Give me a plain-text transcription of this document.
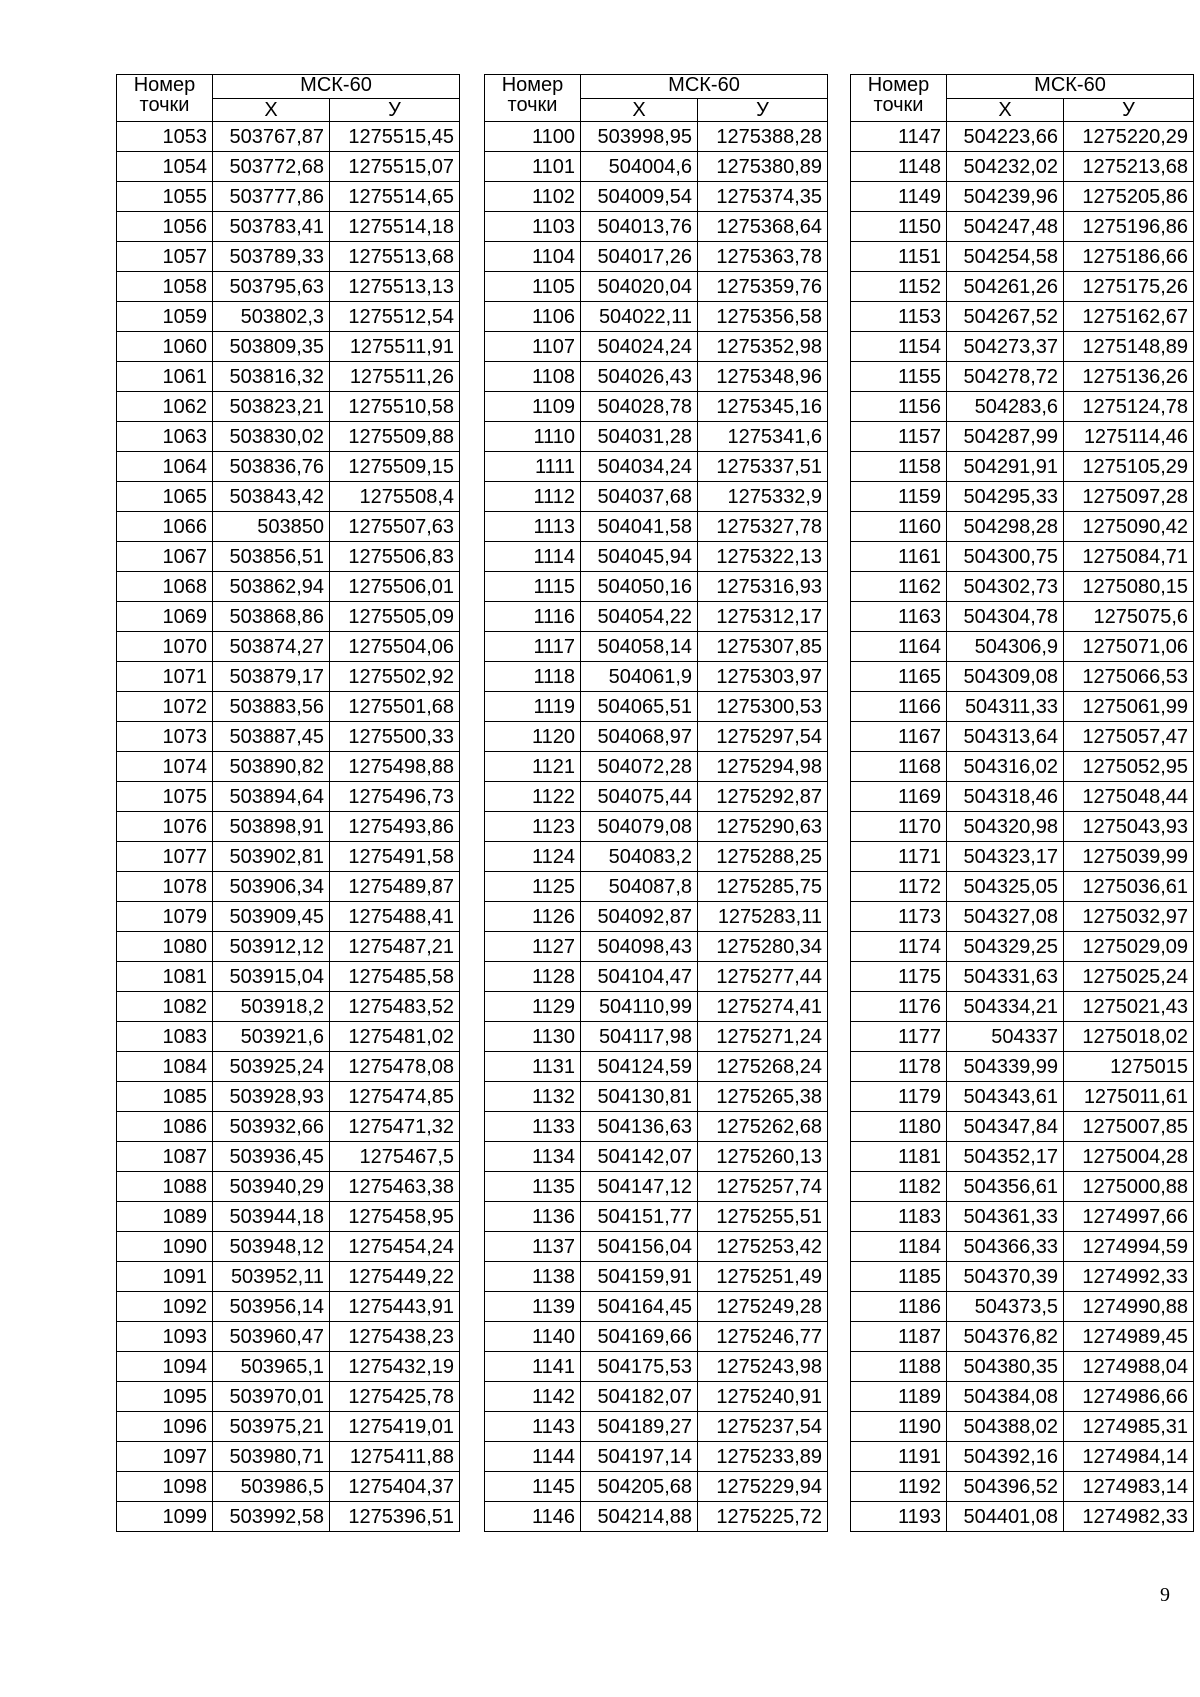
Номер
точки	МСК-60	
	X	У
1053	503767,87	1275515,45
1054	503772,68	1275515,07
1055	503777,86	1275514,65
1056	503783,41	1275514,18
1057	503789,33	1275513,68
1058	503795,63	1275513,13
1059	503802,3	1275512,54
1060	503809,35	1275511,91
1061	503816,32	1275511,26
1062	503823,21	1275510,58
1063	503830,02	1275509,88
1064	503836,76	1275509,15
1065	503843,42	1275508,4
1066	503850	1275507,63
1067	503856,51	1275506,83
1068	503862,94	1275506,01
1069	503868,86	1275505,09
1070	503874,27	1275504,06
1071	503879,17	1275502,92
1072	503883,56	1275501,68
1073	503887,45	1275500,33
1074	503890,82	1275498,88
1075	503894,64	1275496,73
1076	503898,91	1275493,86
1077	503902,81	1275491,58
1078	503906,34	1275489,87
1079	503909,45	1275488,41
1080	503912,12	1275487,21
1081	503915,04	1275485,58
1082	503918,2	1275483,52
1083	503921,6	1275481,02
1084	503925,24	1275478,08
1085	503928,93	1275474,85
1086	503932,66	1275471,32
1087	503936,45	1275467,5
1088	503940,29	1275463,38
1089	503944,18	1275458,95
1090	503948,12	1275454,24
1091	503952,11	1275449,22
1092	503956,14	1275443,91
1093	503960,47	1275438,23
1094	503965,1	1275432,19
1095	503970,01	1275425,78
1096	503975,21	1275419,01
1097	503980,71	1275411,88
1098	503986,5	1275404,37
1099	503992,58	1275396,51
Номер
точки	МСК-60	
	X	У
1100	503998,95	1275388,28
1101	504004,6	1275380,89
1102	504009,54	1275374,35
1103	504013,76	1275368,64
1104	504017,26	1275363,78
1105	504020,04	1275359,76
1106	504022,11	1275356,58
1107	504024,24	1275352,98
1108	504026,43	1275348,96
1109	504028,78	1275345,16
1110	504031,28	1275341,6
1111	504034,24	1275337,51
1112	504037,68	1275332,9
1113	504041,58	1275327,78
1114	504045,94	1275322,13
1115	504050,16	1275316,93
1116	504054,22	1275312,17
1117	504058,14	1275307,85
1118	504061,9	1275303,97
1119	504065,51	1275300,53
1120	504068,97	1275297,54
1121	504072,28	1275294,98
1122	504075,44	1275292,87
1123	504079,08	1275290,63
1124	504083,2	1275288,25
1125	504087,8	1275285,75
1126	504092,87	1275283,11
1127	504098,43	1275280,34
1128	504104,47	1275277,44
1129	504110,99	1275274,41
1130	504117,98	1275271,24
1131	504124,59	1275268,24
1132	504130,81	1275265,38
1133	504136,63	1275262,68
1134	504142,07	1275260,13
1135	504147,12	1275257,74
1136	504151,77	1275255,51
1137	504156,04	1275253,42
1138	504159,91	1275251,49
1139	504164,45	1275249,28
1140	504169,66	1275246,77
1141	504175,53	1275243,98
1142	504182,07	1275240,91
1143	504189,27	1275237,54
1144	504197,14	1275233,89
1145	504205,68	1275229,94
1146	504214,88	1275225,72
Номер
точки	МСК-60	
	X	У
1147	504223,66	1275220,29
1148	504232,02	1275213,68
1149	504239,96	1275205,86
1150	504247,48	1275196,86
1151	504254,58	1275186,66
1152	504261,26	1275175,26
1153	504267,52	1275162,67
1154	504273,37	1275148,89
1155	504278,72	1275136,26
1156	504283,6	1275124,78
1157	504287,99	1275114,46
1158	504291,91	1275105,29
1159	504295,33	1275097,28
1160	504298,28	1275090,42
1161	504300,75	1275084,71
1162	504302,73	1275080,15
1163	504304,78	1275075,6
1164	504306,9	1275071,06
1165	504309,08	1275066,53
1166	504311,33	1275061,99
1167	504313,64	1275057,47
1168	504316,02	1275052,95
1169	504318,46	1275048,44
1170	504320,98	1275043,93
1171	504323,17	1275039,99
1172	504325,05	1275036,61
1173	504327,08	1275032,97
1174	504329,25	1275029,09
1175	504331,63	1275025,24
1176	504334,21	1275021,43
1177	504337	1275018,02
1178	504339,99	1275015
1179	504343,61	1275011,61
1180	504347,84	1275007,85
1181	504352,17	1275004,28
1182	504356,61	1275000,88
1183	504361,33	1274997,66
1184	504366,33	1274994,59
1185	504370,39	1274992,33
1186	504373,5	1274990,88
1187	504376,82	1274989,45
1188	504380,35	1274988,04
1189	504384,08	1274986,66
1190	504388,02	1274985,31
1191	504392,16	1274984,14
1192	504396,52	1274983,14
1193	504401,08	1274982,33
9
